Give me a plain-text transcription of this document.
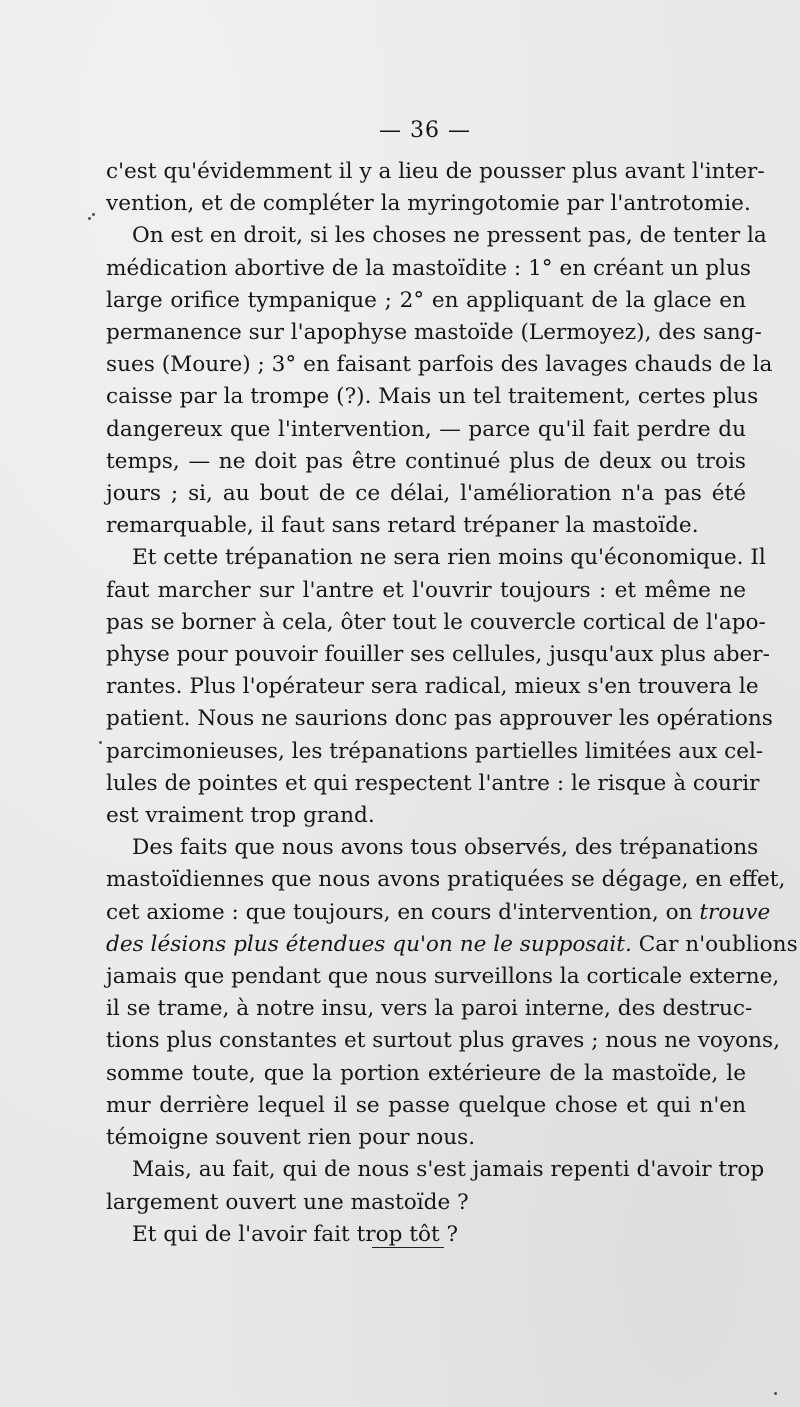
— 36 —

c'est qu'évidemment il y a lieu de pousser plus avant l'inter-
vention, et de compléter la myringotomie par l'antrotomie.

On est en droit, si les choses ne pressent pas, de tenter la
médication abortive de la mastoïdite : 1° en créant un plus
large orifice tympanique ; 2° en appliquant de la glace en
permanence sur l'apophyse mastoïde (Lermoyez), des sang-
sues (Moure) ; 3° en faisant parfois des lavages chauds de la
caisse par la trompe (?). Mais un tel traitement, certes plus
dangereux que l'intervention, — parce qu'il fait perdre du
temps, — ne doit pas être continué plus de deux ou trois
jours ; si, au bout de ce délai, l'amélioration n'a pas été
remarquable, il faut sans retard trépaner la mastoïde.

Et cette trépanation ne sera rien moins qu'économique. Il
faut marcher sur l'antre et l'ouvrir toujours : et même ne
pas se borner à cela, ôter tout le couvercle cortical de l'apo-
physe pour pouvoir fouiller ses cellules, jusqu'aux plus aber-
rantes. Plus l'opérateur sera radical, mieux s'en trouvera le
patient. Nous ne saurions donc pas approuver les opérations
parcimonieuses, les trépanations partielles limitées aux cel-
lules de pointes et qui respectent l'antre : le risque à courir
est vraiment trop grand.

Des faits que nous avons tous observés, des trépanations
mastoïdiennes que nous avons pratiquées se dégage, en effet,
cet axiome : que toujours, en cours d'intervention, on trouve
des lésions plus étendues qu'on ne le supposait. Car n'oublions
jamais que pendant que nous surveillons la corticale externe,
il se trame, à notre insu, vers la paroi interne, des destruc-
tions plus constantes et surtout plus graves ; nous ne voyons,
somme toute, que la portion extérieure de la mastoïde, le
mur derrière lequel il se passe quelque chose et qui n'en
témoigne souvent rien pour nous.

Mais, au fait, qui de nous s'est jamais repenti d'avoir trop
largement ouvert une mastoïde ?

Et qui de l'avoir fait trop tôt ?
